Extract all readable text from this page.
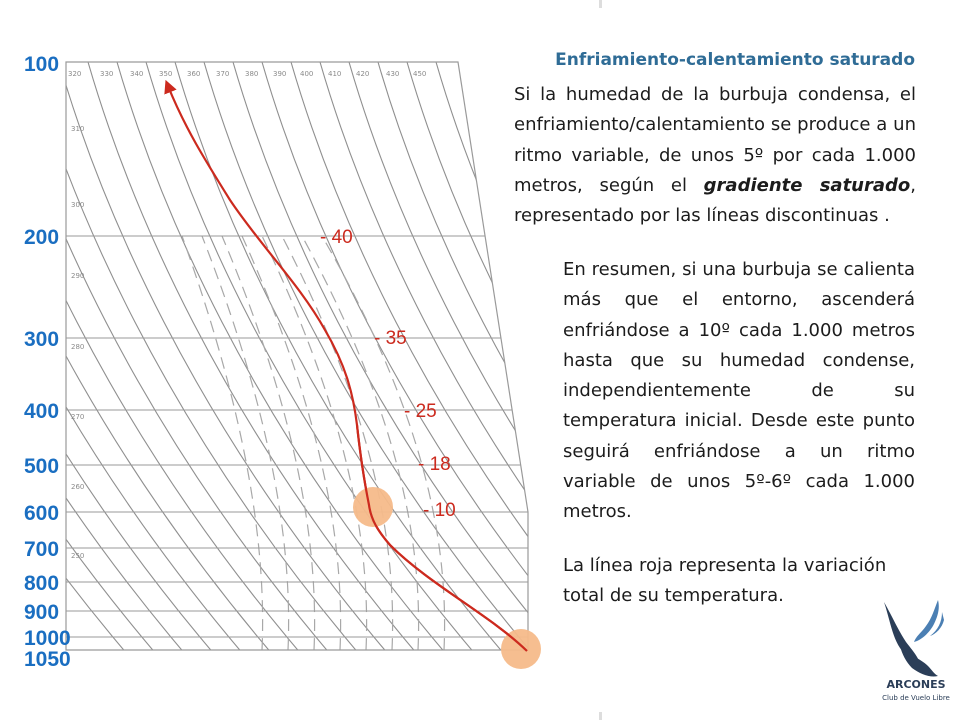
100
200
300
400
500
600
700
800
900
1000
1050
320	330 340 350 360 370 380 390 400 410 420 430 450
310
300
290
280
270
260
250
- 40
- 35
- 25
- 18
- 10

Enfriamiento-calentamiento saturado

Si la humedad de la burbuja condensa, el enfriamiento/calentamiento se produce a un ritmo variable, de unos 5º por cada 1.000 metros, según el gradiente saturado, representado por las líneas discontinuas .

En resumen, si una burbuja se calienta más que el entorno, ascenderá enfriándose a 10º cada 1.000 metros hasta que su humedad condense, independientemente de su temperatura inicial. Desde este punto seguirá enfriándose a un ritmo variable de unos 5º-6º cada 1.000 metros.

La línea roja representa la variación total de su temperatura.

ARCONES

Club de Vuelo Libre
